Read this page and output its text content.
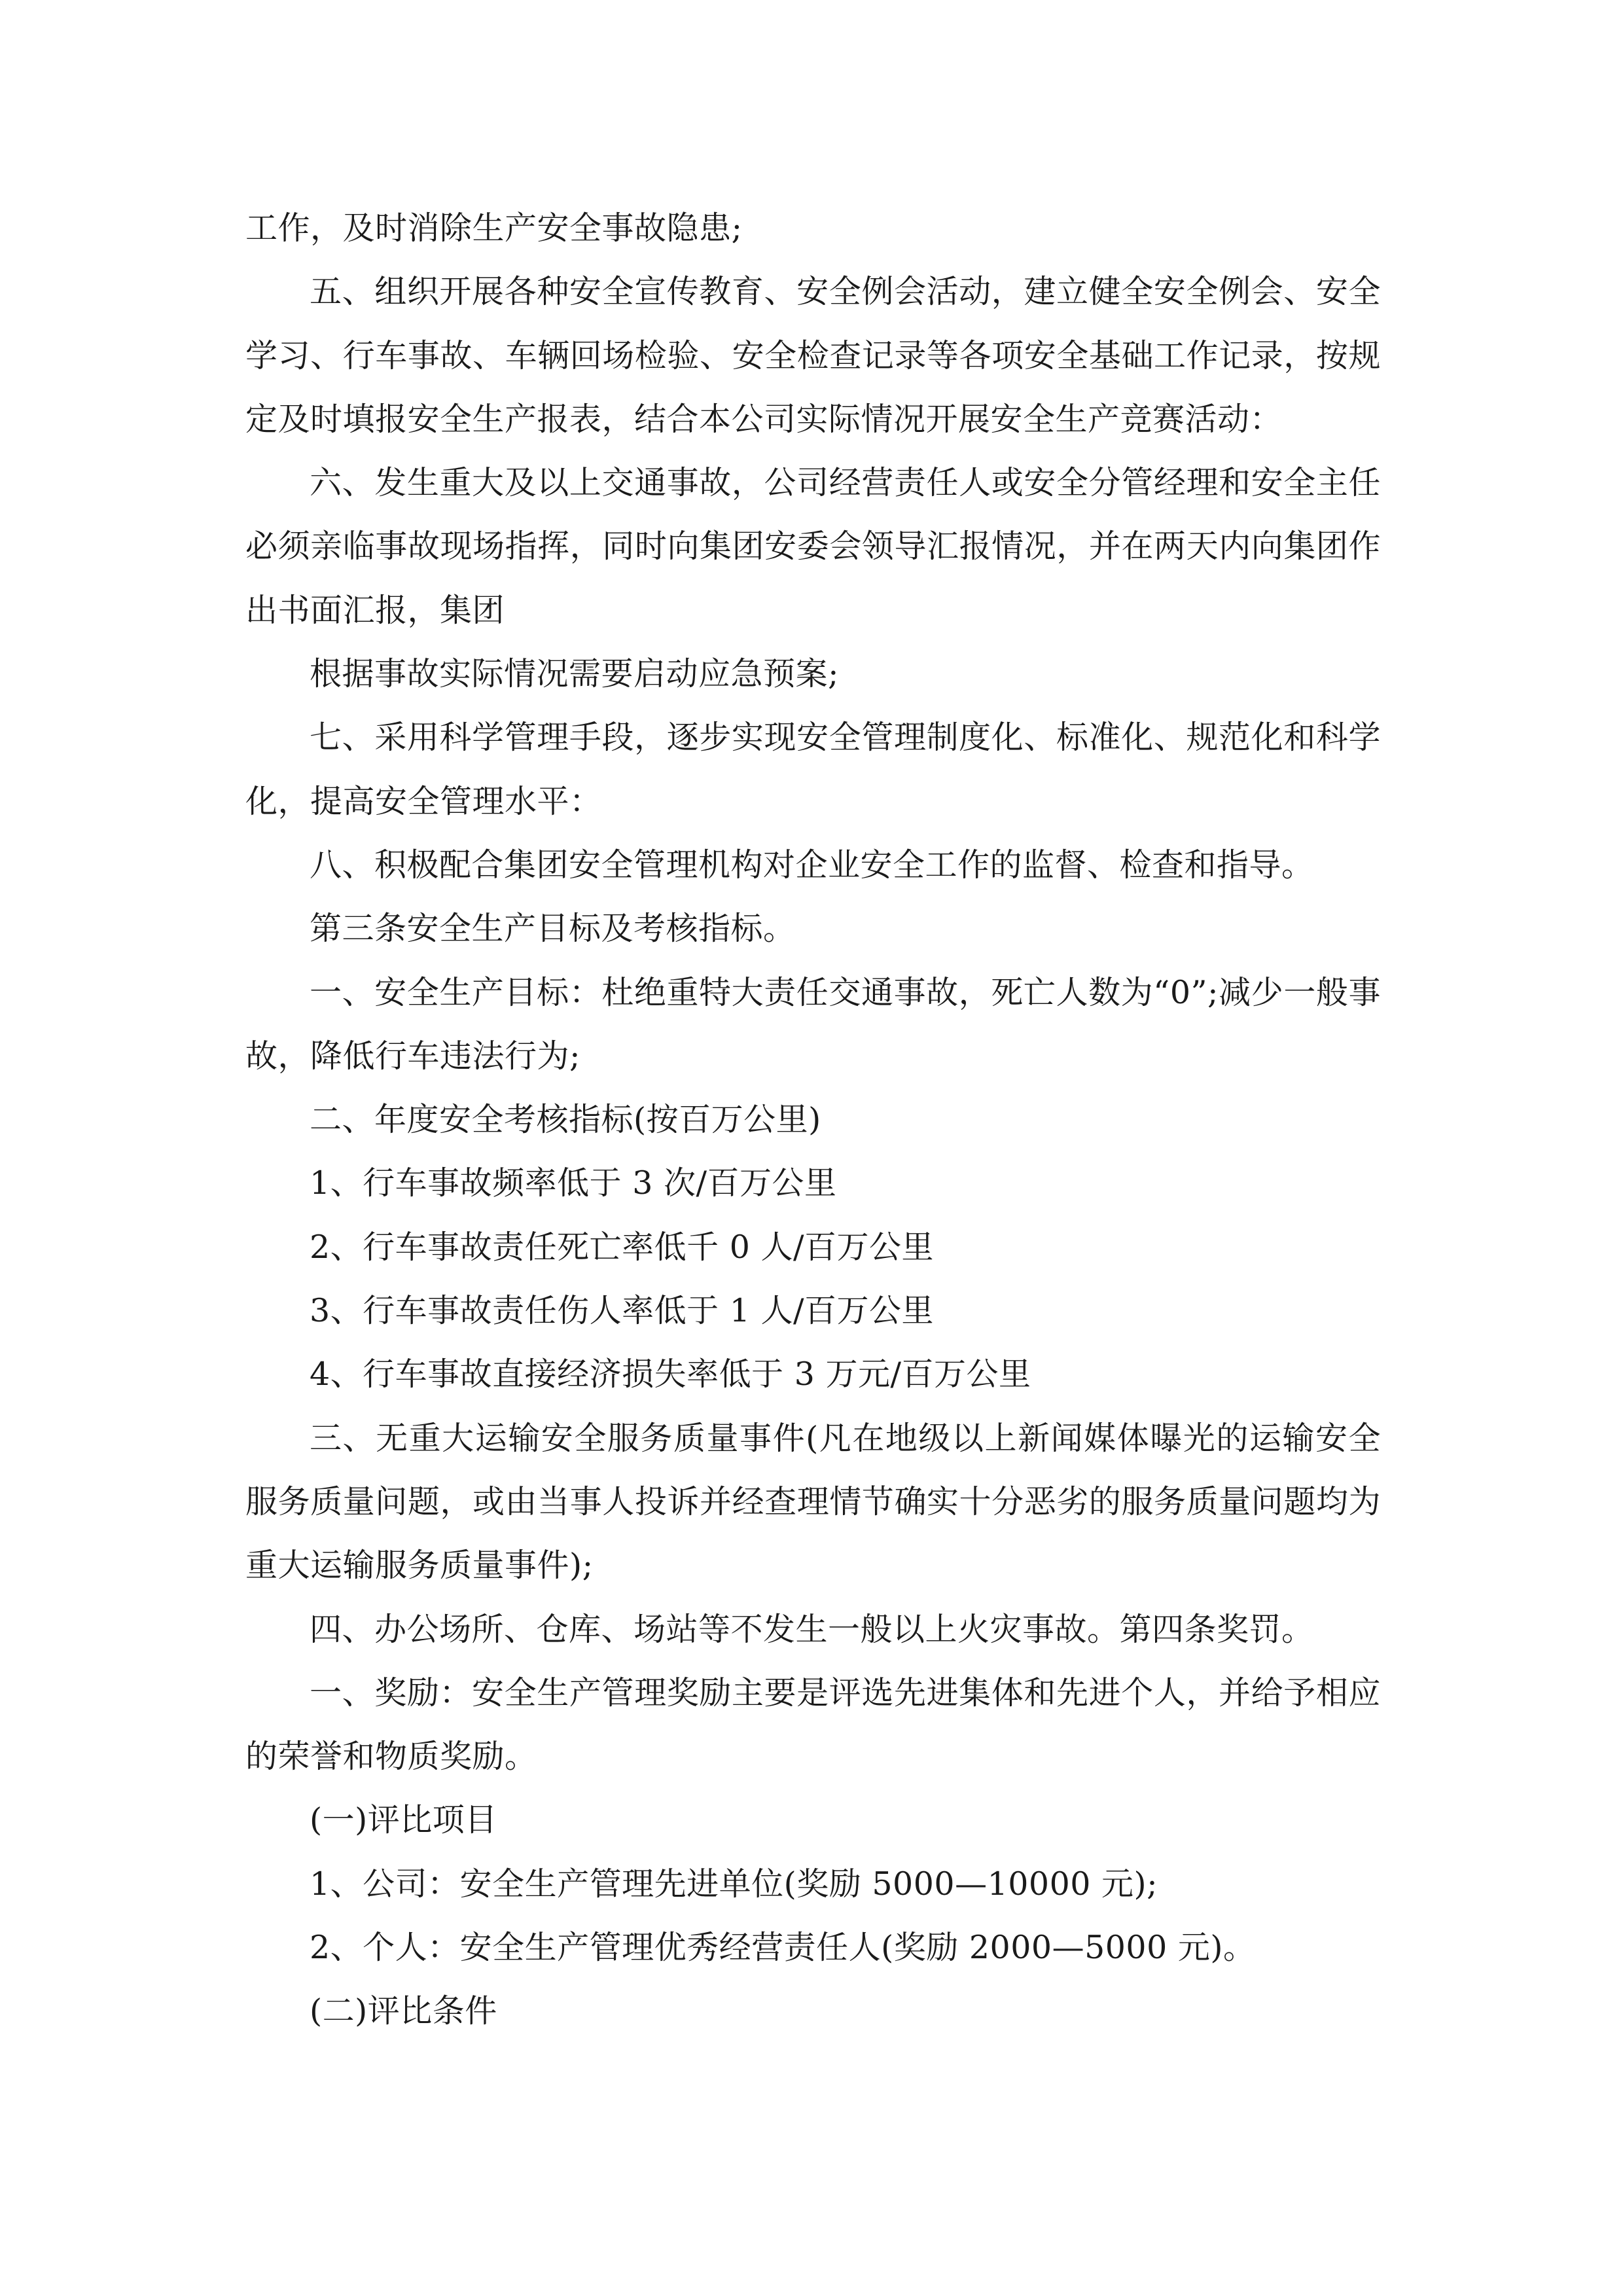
工作，及时消除生产安全事故隐患;

五、组织开展各种安全宣传教育、安全例会活动，建立健全安全例会、安全学习、行车事故、车辆回场检验、安全检查记录等各项安全基础工作记录，按规定及时填报安全生产报表，结合本公司实际情况开展安全生产竞赛活动：

六、发生重大及以上交通事故，公司经营责任人或安全分管经理和安全主任必须亲临事故现场指挥，同时向集团安委会领导汇报情况，并在两天内向集团作出书面汇报，集团

根据事故实际情况需要启动应急预案;

七、采用科学管理手段，逐步实现安全管理制度化、标准化、规范化和科学化，提高安全管理水平：

八、积极配合集团安全管理机构对企业安全工作的监督、检查和指导。

第三条安全生产目标及考核指标。

一、安全生产目标：杜绝重特大责任交通事故，死亡人数为“0”;减少一般事故，降低行车违法行为;

二、年度安全考核指标(按百万公里)

1、行车事故频率低于 3 次/百万公里

2、行车事故责任死亡率低千 0 人/百万公里

3、行车事故责任伤人率低于 1 人/百万公里

4、行车事故直接经济损失率低于 3 万元/百万公里

三、无重大运输安全服务质量事件(凡在地级以上新闻媒体曝光的运输安全服务质量问题，或由当事人投诉并经查理情节确实十分恶劣的服务质量问题均为重大运输服务质量事件);

四、办公场所、仓库、场站等不发生一般以上火灾事故。第四条奖罚。

一、奖励：安全生产管理奖励主要是评选先进集体和先进个人，并给予相应的荣誉和物质奖励。

(一)评比项目

1、公司：安全生产管理先进单位(奖励 5000—10000 元);

2、个人：安全生产管理优秀经营责任人(奖励 2000—5000 元)。

(二)评比条件
